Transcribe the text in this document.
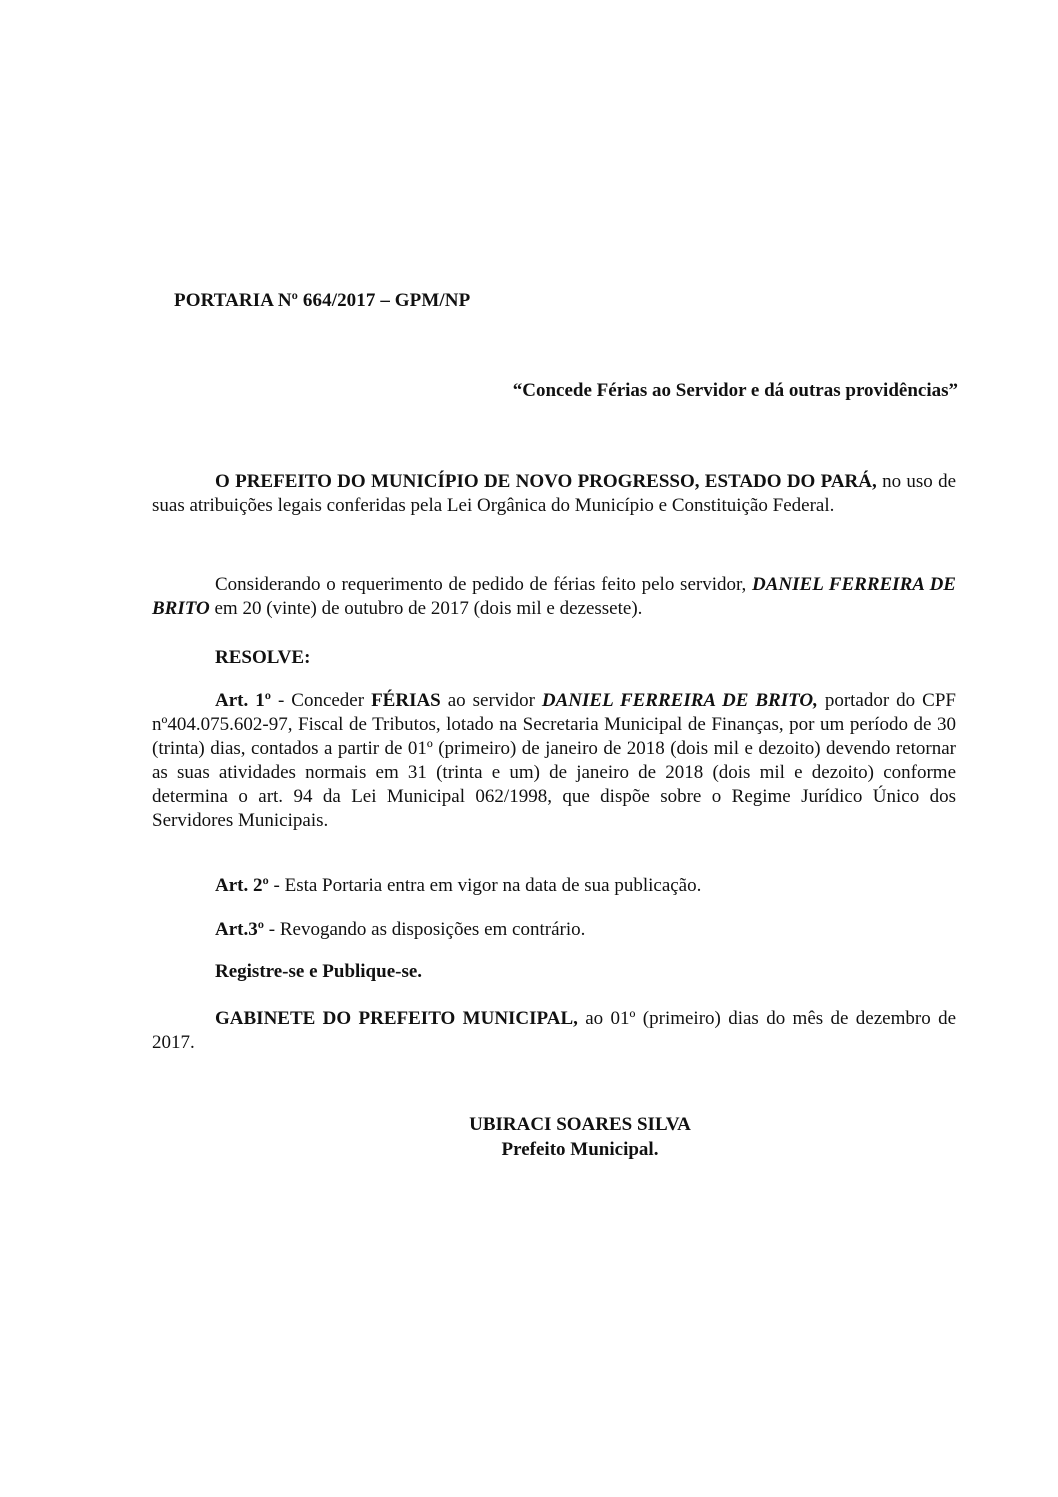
PORTARIA Nº 664/2017 – GPM/NP
“Concede Férias ao Servidor e dá outras providências”
O PREFEITO DO MUNICÍPIO DE NOVO PROGRESSO, ESTADO DO PARÁ, no uso de suas atribuições legais conferidas pela Lei Orgânica do Município e Constituição Federal.
Considerando o requerimento de pedido de férias feito pelo servidor, DANIEL FERREIRA DE BRITO em 20 (vinte) de outubro de 2017 (dois mil e dezessete).
RESOLVE:
Art. 1º - Conceder FÉRIAS ao servidor DANIEL FERREIRA DE BRITO, portador do CPF nº404.075.602-97, Fiscal de Tributos, lotado na Secretaria Municipal de Finanças, por um período de 30 (trinta) dias, contados a partir de 01º (primeiro) de janeiro de 2018 (dois mil e dezoito) devendo retornar as suas atividades normais em 31 (trinta e um) de janeiro de 2018 (dois mil e dezoito) conforme determina o art. 94 da Lei Municipal 062/1998, que dispõe sobre o Regime Jurídico Único dos Servidores Municipais.
Art. 2º - Esta Portaria entra em vigor na data de sua publicação.
Art.3º - Revogando as disposições em contrário.
Registre-se e Publique-se.
GABINETE DO PREFEITO MUNICIPAL, ao 01º (primeiro) dias do mês de dezembro de 2017.
UBIRACI SOARES SILVA
Prefeito Municipal.
